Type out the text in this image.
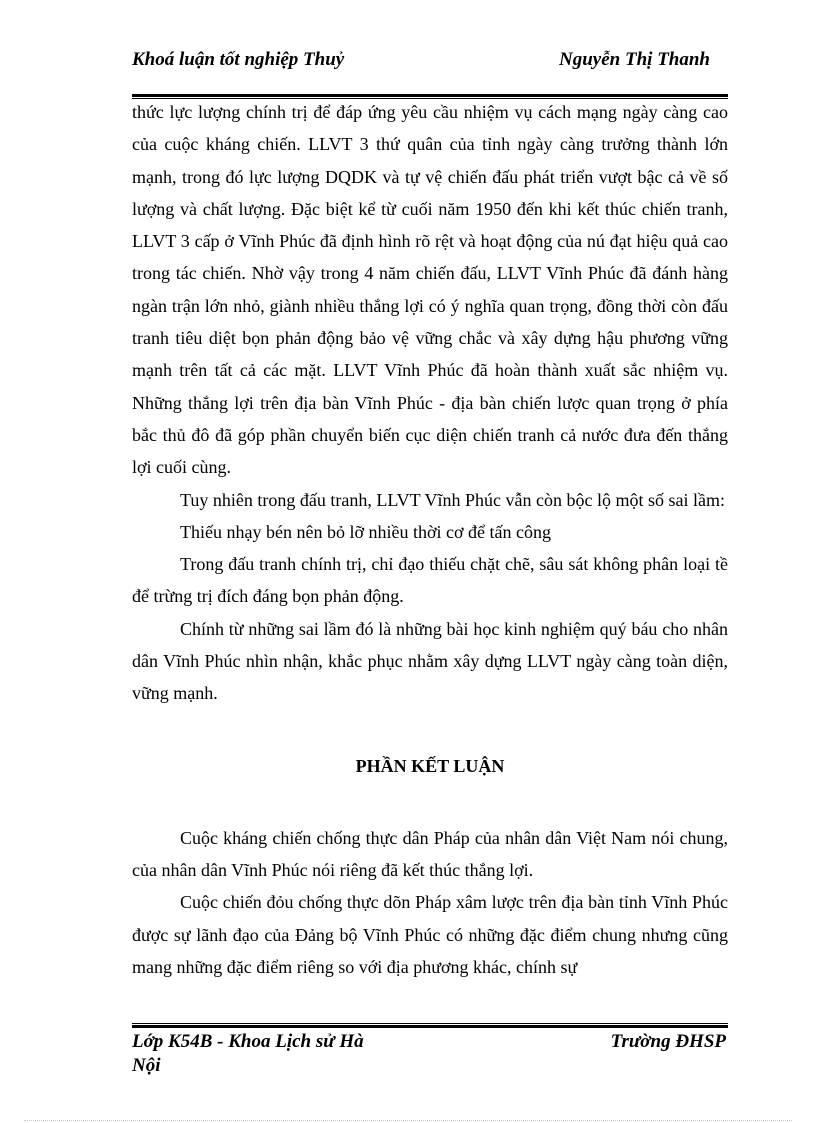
Khoá luận tốt nghiệp Thuỷ	Nguyễn Thị Thanh

thức lực lượng chính trị để đáp ứng yêu cầu nhiệm vụ cách mạng ngày càng cao của cuộc kháng chiến. LLVT 3 thứ quân của tỉnh ngày càng trưởng thành lớn mạnh, trong đó lực lượng DQDK và tự vệ chiến đấu phát triển vượt bậc cả về số lượng và chất lượng. Đặc biệt kể từ cuối năm 1950 đến khi kết thúc chiến tranh, LLVT 3 cấp ở Vĩnh Phúc đã định hình rõ rệt và hoạt động của nú đạt hiệu quả cao trong tác chiến. Nhờ vậy trong 4 năm chiến đấu, LLVT Vĩnh Phúc đã đánh hàng ngàn trận lớn nhỏ, giành nhiều thắng lợi có ý nghĩa quan trọng, đồng thời còn đấu tranh tiêu diệt bọn phản động bảo vệ vững chắc và xây dựng hậu phương vững mạnh trên tất cả các mặt. LLVT Vĩnh Phúc đã hoàn thành xuất sắc nhiệm vụ. Những thắng lợi trên địa bàn Vĩnh Phúc - địa bàn chiến lược quan trọng ở phía bắc thủ đô đã góp phần chuyển biến cục diện chiến tranh cả nước đưa đến thắng lợi cuối cùng.

Tuy nhiên trong đấu tranh, LLVT Vĩnh Phúc vẫn còn bộc lộ một số sai lầm:

Thiếu nhạy bén nên bỏ lỡ nhiều thời cơ để tấn công

Trong đấu tranh chính trị, chỉ đạo thiếu chặt chẽ, sâu sát không phân loại tề để trừng trị đích đáng bọn phản động.

Chính từ những sai lầm đó là những bài học kinh nghiệm quý báu cho nhân dân Vĩnh Phúc nhìn nhận, khắc phục nhằm xây dựng LLVT ngày càng toàn diện, vững mạnh.

PHẦN KẾT LUẬN

Cuộc kháng chiến chống thực dân Pháp của nhân dân Việt Nam nói chung, của nhân dân Vĩnh Phúc nói riêng đã kết thúc thắng lợi.

Cuộc chiến đỏu chống thực dõn Pháp xâm lược trên địa bàn tỉnh Vĩnh Phúc được sự lãnh đạo của Đảng bộ Vĩnh Phúc có những đặc điểm chung nhưng cũng mang những đặc điểm riêng so với địa phương khác, chính sự

Lớp K54B - Khoa Lịch sử Hà Nội
Trường ĐHSP
